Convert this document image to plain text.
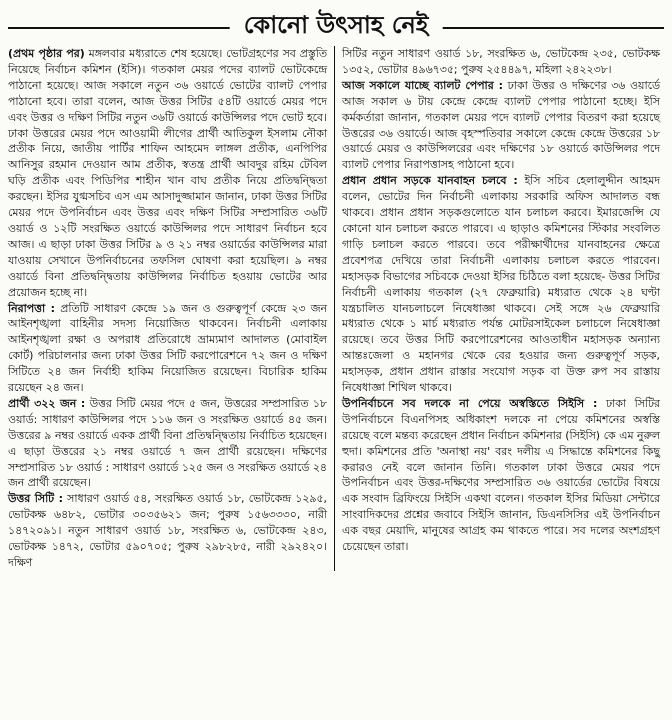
কোনো উৎসাহ নেই

(প্রথম পৃষ্ঠার পর) মঙ্গলবার মধ্যরাতে শেষ হয়েছে। ভোটগ্রহণের সব প্রস্তুতি নিয়েছে নির্বাচন কমিশন (ইসি)। গতকাল মেয়র পদের ব্যালট ভোটকেন্দ্রে পাঠানো হয়েছে। আজ সকালে নতুন ৩৬ ওয়ার্ডে ভোটের ব্যালট পেপার পাঠানো হবে। তারা বলেন, আজ উত্তর সিটির ৫৪টি ওয়ার্ডে মেয়র পদে এবং উত্তর ও দক্ষিণ সিটির নতুন ৩৬টি ওয়ার্ডে কাউন্সিলর পদে ভোট হবে। ঢাকা উত্তরের মেয়র পদে আওয়ামী লীগের প্রার্থী আতিকুল ইসলাম নৌকা প্রতীক নিয়ে, জাতীয় পার্টির শাফিন আহমেদ লাঙ্গল প্রতীক, এনপিপির আনিসুর রহমান দেওয়ান আম প্রতীক, স্বতন্ত্র প্রার্থী আবদুর রহিম টেবিল ঘড়ি প্রতীক এবং পিডিপির শাহীন খান বাঘ প্রতীক নিয়ে প্রতিদ্বন্দ্বিতা করছেন। ইসির যুগ্মসচিব এস এম আসাদুজ্জামান জানান, ঢাকা উত্তর সিটির মেয়র পদে উপনির্বাচন এবং উত্তর এবং দক্ষিণ সিটির সম্প্রসারিত ৩৬টি ওয়ার্ড ও ১২টি সংরক্ষিত ওয়ার্ডে কাউন্সিলর পদে সাধারণ নির্বাচন হবে আজ। এ ছাড়া ঢাকা উত্তর সিটির ৯ ও ২১ নম্বর ওয়ার্ডের কাউন্সিলর মারা যাওয়ায় সেখানে উপনির্বাচনের তফসিল ঘোষণা করা হয়েছিল। ৯ নম্বর ওয়ার্ডে বিনা প্রতিদ্বন্দ্বিতায় কাউন্সিলর নির্বাচিত হওয়ায় ভোটের আর প্রয়োজন হচ্ছে না।

নিরাপত্তা : প্রতিটি সাধারণ কেন্দ্রে ১৯ জন ও গুরুত্বপূর্ণ কেন্দ্রে ২৩ জন আইনশৃঙ্খলা বাহিনীর সদস্য নিয়োজিত থাকবেন। নির্বাচনী এলাকায় আইনশৃঙ্খলা রক্ষা ও অপরাধ প্রতিরোধে ভ্রাম্যমাণ আদালত (মোবাইল কোর্ট) পরিচালনার জন্য ঢাকা উত্তর সিটি করপোরেশনে ৭২ জন ও দক্ষিণ সিটিতে ২৪ জন নির্বাহী হাকিম নিয়োজিত রয়েছেন। বিচারিক হাকিম রয়েছেন ২৪ জন।

প্রার্থী ৩২২ জন : উত্তর সিটি মেয়র পদে ৫ জন, উত্তরের সম্প্রসারিত ১৮ ওয়ার্ড: সাধারণ কাউন্সিলর পদে ১১৬ জন ও সংরক্ষিত ওয়ার্ডে ৪৫ জন। উত্তরের ৯ নম্বর ওয়ার্ডে একক প্রার্থী বিনা প্রতিদ্বন্দ্বিতায় নির্বাচিত হয়েছেন। এ ছাড়া উত্তরের ২১ নম্বর ওয়ার্ডে ৭ জন প্রার্থী রয়েছেন। দক্ষিণের সম্প্রসারিত ১৮ ওয়ার্ড : সাধারণ ওয়ার্ডে ১২৫ জন ও সংরক্ষিত ওয়ার্ডে ২৪ জন প্রার্থী রয়েছেন।

উত্তর সিটি : সাধারণ ওয়ার্ড ৫৪, সংরক্ষিত ওয়ার্ড ১৮, ভোটকেন্দ্র ১২৯৫, ভোটকক্ষ ৬৪৮২, ভোটার ৩০৩৫৬২১ জন; পুরুষ ১৫৬৩৩৩০, নারী ১৪৭২০৯১। নতুন সাধারণ ওয়ার্ড ১৮, সংরক্ষিত ৬, ভোটকেন্দ্র ২৪৩, ভোটকক্ষ ১৪৭২, ভোটার ৫৯০৭০৫; পুরুষ ২৯৮২৮৫, নারী ২৯২৪২০। দক্ষিণ

সিটির নতুন সাধারণ ওয়ার্ড ১৮, সংরক্ষিত ৬, ভোটকেন্দ্র ২৩৫, ভোটকক্ষ ১৩৫২, ভোটার ৪৯৬৭৩৫; পুরুষ ২৫৪৪৯৭, মহিলা ২৪২২৩৮।

আজ সকালে যাচ্ছে ব্যালট পেপার : ঢাকা উত্তর ও দক্ষিণের ৩৬ ওয়ার্ডে আজ সকাল ৬ টায় কেন্দ্রে কেন্দ্রে ব্যালট পেপার পাঠানো হচ্ছে। ইসি কর্মকর্তারা জানান, গতকাল মেয়র পদে ব্যালট পেপার বিতরণ করা হয়েছে উত্তরের ৩৬ ওয়ার্ডে। আজ বৃহস্পতিবার সকালে কেন্দ্রে কেন্দ্রে উত্তরের ১৮ ওয়ার্ডে মেয়র ও কাউন্সিলরের এবং দক্ষিণের ১৮ ওয়ার্ডে কাউন্সিলর পদে ব্যালট পেপার নিরাপত্তাসহ পাঠানো হবে।

প্রধান প্রধান সড়কে যানবাহন চলবে : ইসি সচিব হেলালুদ্দীন আহমদ বলেন, ভোটের দিন নির্বাচনী এলাকায় সরকারি অফিস আদালত বন্ধ থাকবে। প্রধান প্রধান সড়কগুলোতে যান চলাচল করবে। ইমারজেন্সি যে কোনো যান চলাচল করতে পারবে। এ ছাড়াও কমিশনের স্টিকার সংবলিত গাড়ি চলাচল করতে পারবে। তবে পরীক্ষার্থীদের যানবাহনের ক্ষেত্রে প্রবেশপত্র দেখিয়ে তারা নির্বাচনী এলাকায় চলাচল করতে পারবেন। মহাসড়ক বিভাগের সচিবকে দেওয়া ইসির চিঠিতে বলা হয়েছে- উত্তর সিটির নির্বাচনী এলাকায় গতকাল (২৭ ফেব্রুয়ারি) মধ্যরাত থেকে ২৪ ঘণ্টা যন্ত্রচালিত যানচলাচলে নিষেধাজ্ঞা থাকবে। সেই সঙ্গে ২৬ ফেব্রুয়ারি মধ্যরাত থেকে ১ মার্চ মধ্যরাত পর্যন্ত মোটরসাইকেল চলাচলে নিষেধাজ্ঞা রয়েছে। তবে উত্তর সিটি করপোরেশনের আওতাধীন মহাসড়ক অন্যান্য আন্তঃজেলা ও মহানগর থেকে বের হওয়ার জন্য গুরুত্বপূর্ণ সড়ক, মহাসড়ক, প্রধান প্রধান রাস্তার সংযোগ সড়ক বা উক্ত রুপ সব রাস্তায় নিষেধাজ্ঞা শিথিল থাকবে।

উপনির্বাচনে সব দলকে না পেয়ে অস্বস্তিতে সিইসি : ঢাকা সিটির উপনির্বাচনে বিএনপিসহ অধিকাংশ দলকে না পেয়ে কমিশনের অস্বস্তি রয়েছে বলে মন্তব্য করেছেন প্রধান নির্বাচন কমিশনার (সিইসি) কে এম নুরুল হুদা। কমিশনের প্রতি 'অনাস্থা নয়' বরং দলীয় এ সিদ্ধান্তে কমিশনের কিছু করারও নেই বলে জানান তিনি। গতকাল ঢাকা উত্তরে মেয়র পদে উপনির্বাচন এবং উত্তর-দক্ষিণের সম্প্রসারিত ৩৬ ওয়ার্ডের ভোটের বিষয়ে এক সংবাদ ব্রিফিংয়ে সিইসি একথা বলেন। গতকাল ইসির মিডিয়া সেন্টারে সাংবাদিকদের প্রশ্নের জবাবে সিইসি জানান, ডিএনসিসির এই উপনির্বাচন এক বছর মেয়াদি, মানুষের আগ্রহ কম থাকতে পারে। সব দলের অংশগ্রহণ চেয়েছেন তারা।
